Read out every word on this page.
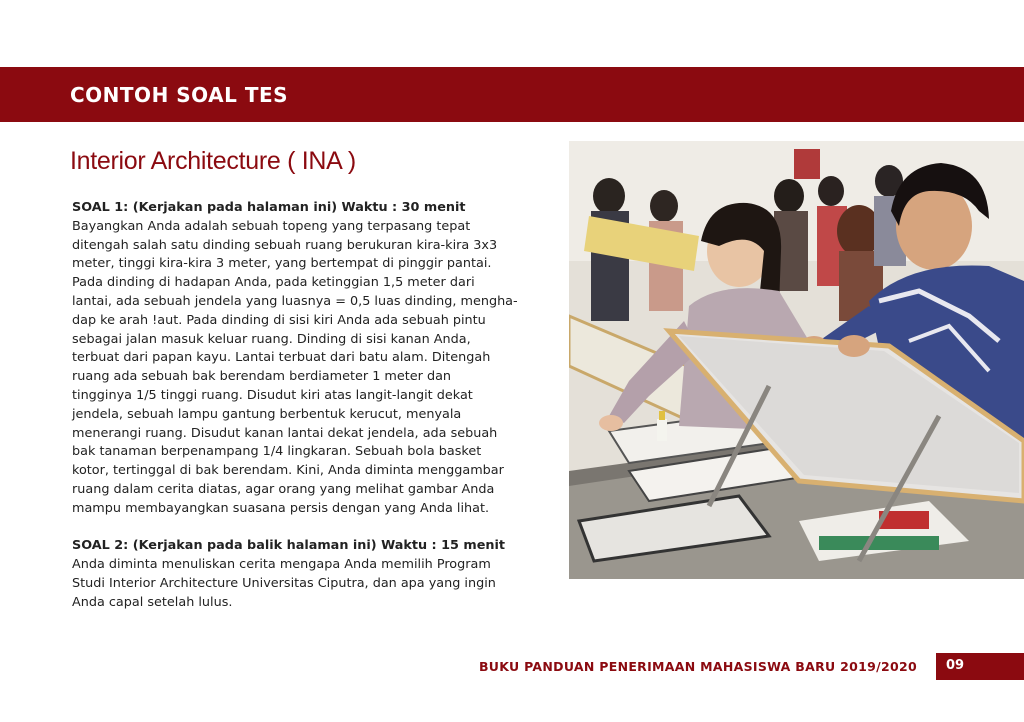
CONTOH SOAL TES
Interior Architecture ( INA )
SOAL 1: (Kerjakan pada halaman ini) Waktu : 30 menit
Bayangkan Anda adalah sebuah topeng yang terpasang tepat
ditengah salah satu dinding sebuah ruang berukuran kira-kira 3x3
meter, tinggi kira-kira 3 meter, yang bertempat di pinggir pantai.
Pada dinding di hadapan Anda, pada ketinggian 1,5 meter dari
lantai, ada sebuah jendela yang luasnya = 0,5 luas dinding, mengha-
dap ke arah !aut. Pada dinding di sisi kiri Anda ada sebuah pintu
sebagai jalan masuk keluar ruang. Dinding di sisi kanan Anda,
terbuat dari papan kayu. Lantai terbuat dari batu alam. Ditengah
ruang ada sebuah bak berendam berdiameter 1 meter dan
tingginya 1/5 tinggi ruang. Disudut kiri atas langit-langit dekat
jendela, sebuah lampu gantung berbentuk kerucut, menyala
menerangi ruang. Disudut kanan lantai dekat jendela, ada sebuah
bak tanaman berpenampang 1/4 lingkaran. Sebuah bola basket
kotor, tertinggal di bak berendam. Kini, Anda diminta menggambar
ruang dalam cerita diatas, agar orang yang melihat gambar Anda
mampu membayangkan suasana persis dengan yang Anda lihat.
SOAL 2: (Kerjakan pada balik halaman ini) Waktu : 15 menit
Anda diminta menuliskan cerita mengapa Anda memilih Program
Studi Interior Architecture Universitas Ciputra, dan apa yang ingin
Anda capal setelah lulus.
BUKU PANDUAN PENERIMAAN MAHASISWA BARU 2019/2020 09
